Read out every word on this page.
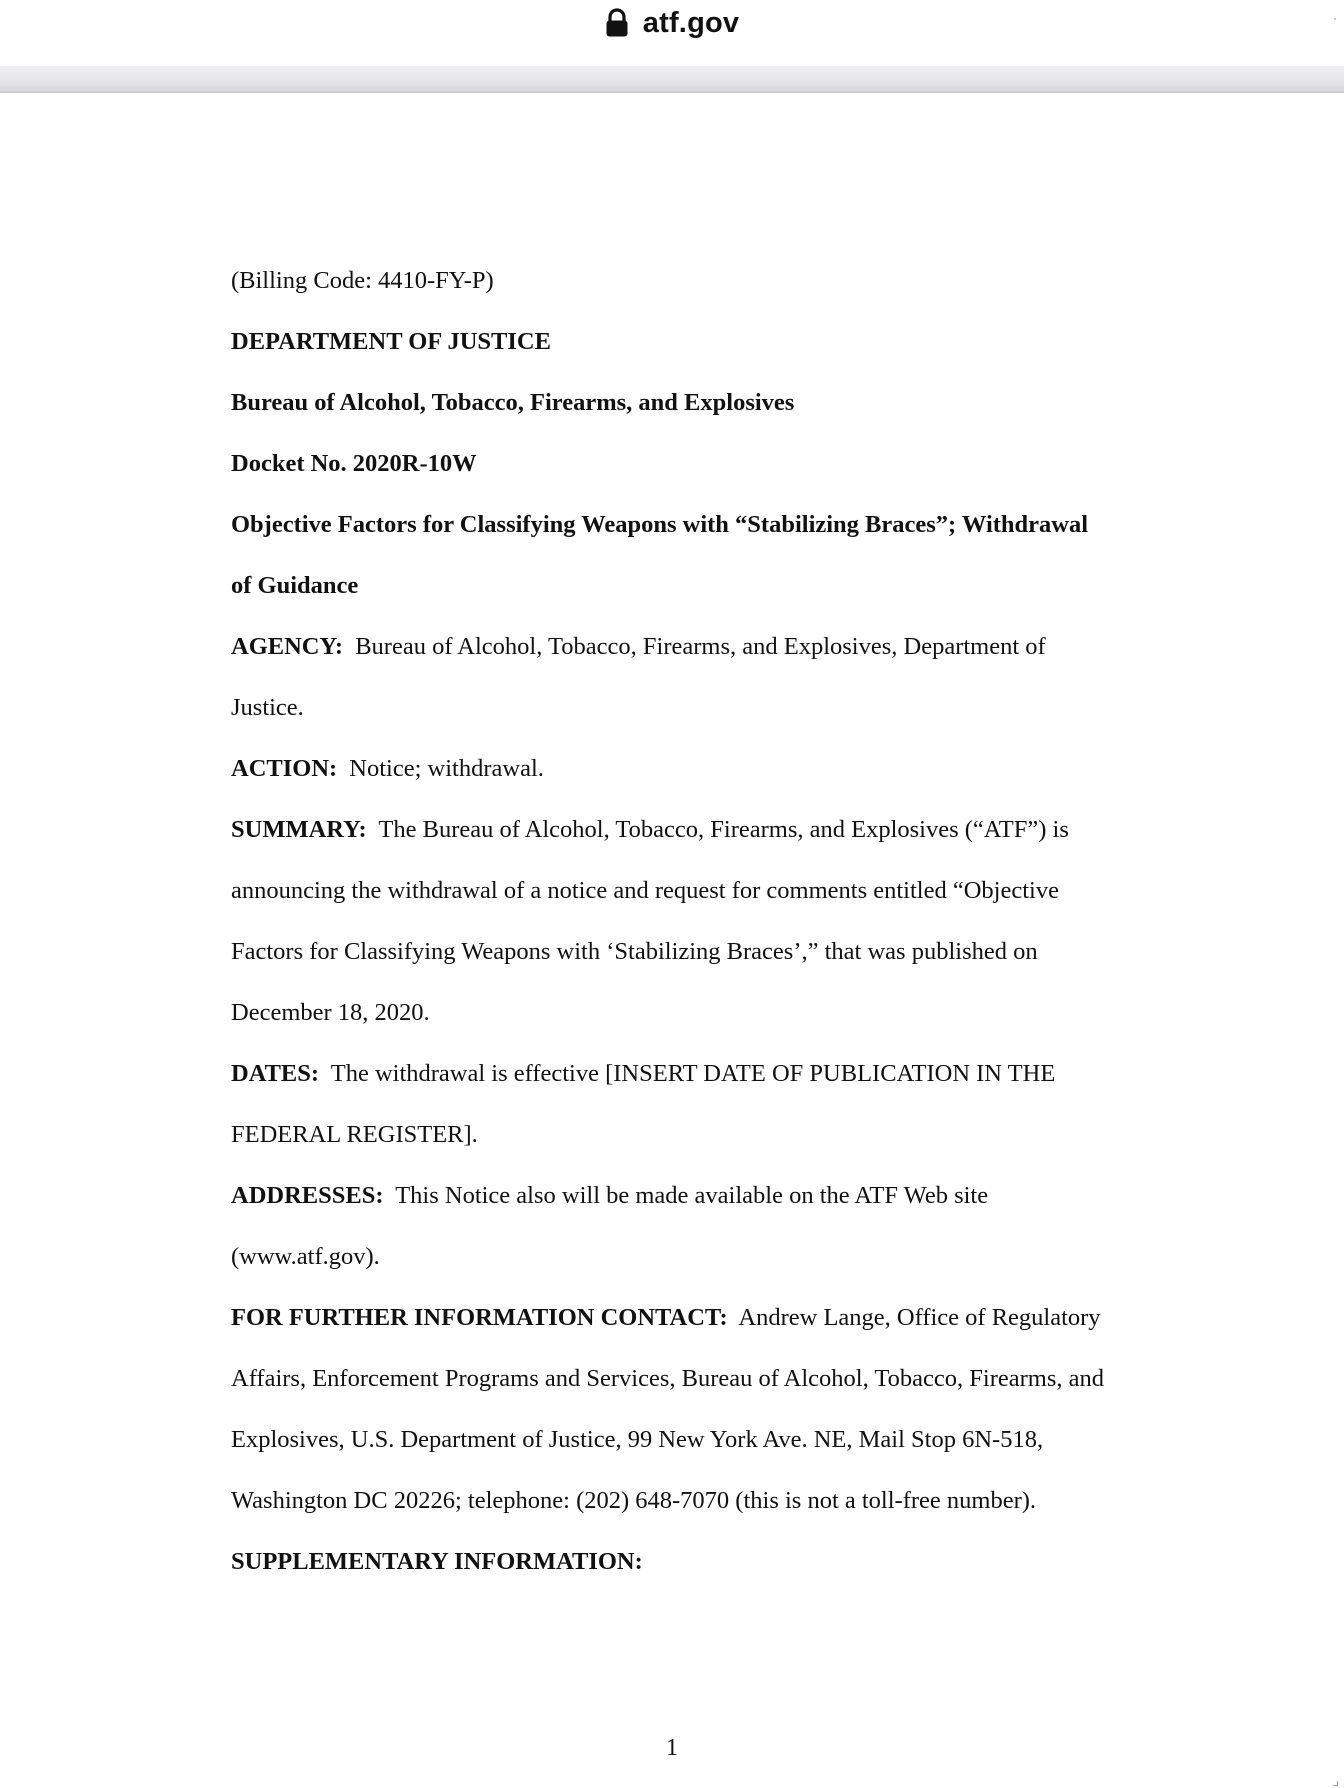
atf.gov

(Billing Code: 4410-FY-P)

DEPARTMENT OF JUSTICE

Bureau of Alcohol, Tobacco, Firearms, and Explosives

Docket No. 2020R-10W

Objective Factors for Classifying Weapons with “Stabilizing Braces”; Withdrawal

of Guidance

AGENCY: Bureau of Alcohol, Tobacco, Firearms, and Explosives, Department of

Justice.

ACTION: Notice; withdrawal.

SUMMARY: The Bureau of Alcohol, Tobacco, Firearms, and Explosives (“ATF”) is

announcing the withdrawal of a notice and request for comments entitled “Objective

Factors for Classifying Weapons with ‘Stabilizing Braces’,” that was published on

December 18, 2020.

DATES: The withdrawal is effective [INSERT DATE OF PUBLICATION IN THE

FEDERAL REGISTER].

ADDRESSES: This Notice also will be made available on the ATF Web site

(www.atf.gov).

FOR FURTHER INFORMATION CONTACT: Andrew Lange, Office of Regulatory

Affairs, Enforcement Programs and Services, Bureau of Alcohol, Tobacco, Firearms, and

Explosives, U.S. Department of Justice, 99 New York Ave. NE, Mail Stop 6N-518,

Washington DC 20226; telephone: (202) 648-7070 (this is not a toll-free number).

SUPPLEMENTARY INFORMATION:

1
